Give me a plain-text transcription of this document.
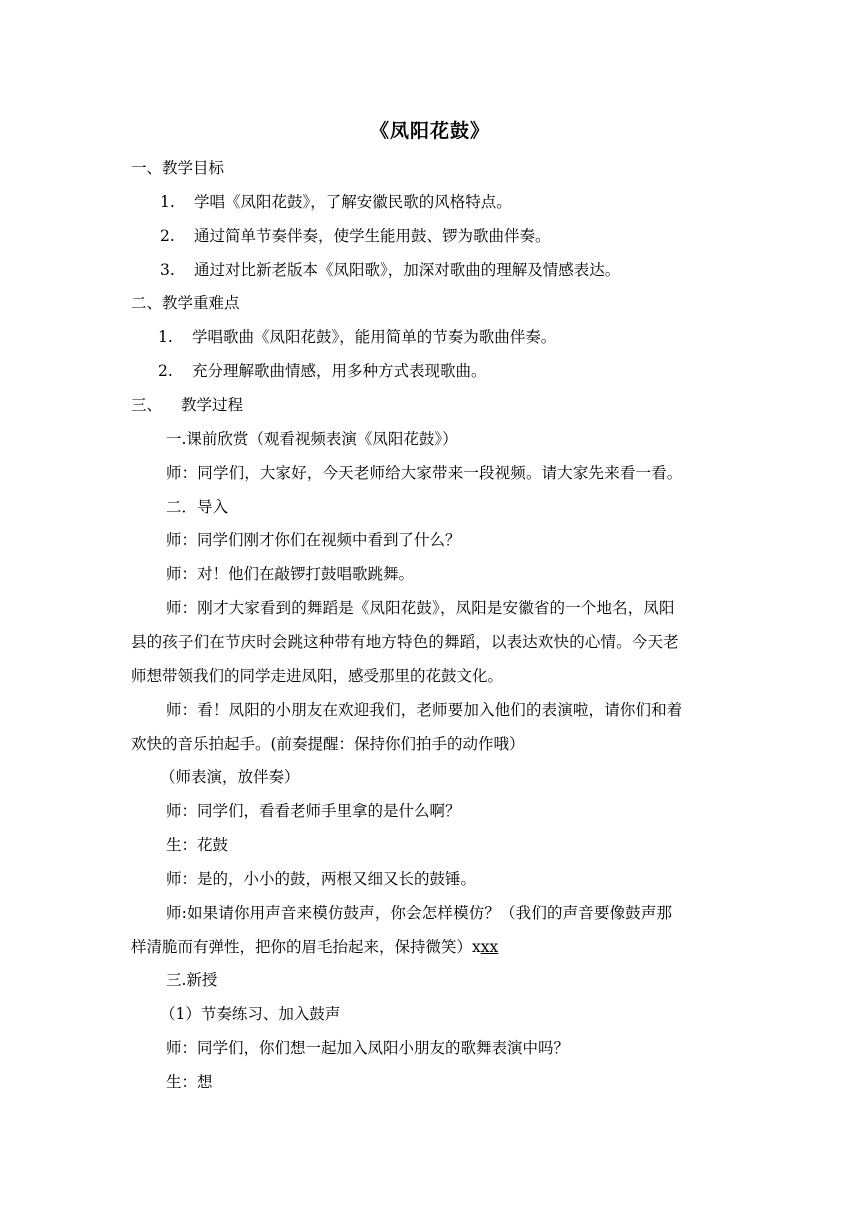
《凤阳花鼓》
一、教学目标
1. 学唱《凤阳花鼓》，了解安徽民歌的风格特点。
2. 通过简单节奏伴奏，使学生能用鼓、锣为歌曲伴奏。
3. 通过对比新老版本《凤阳歌》，加深对歌曲的理解及情感表达。
二、教学重难点
1. 学唱歌曲《凤阳花鼓》，能用简单的节奏为歌曲伴奏。
2. 充分理解歌曲情感，用多种方式表现歌曲。
三、 教学过程
一.课前欣赏（观看视频表演《凤阳花鼓》）
师：同学们，大家好，今天老师给大家带来一段视频。请大家先来看一看。
二．导入
师：同学们刚才你们在视频中看到了什么？
师：对！他们在敲锣打鼓唱歌跳舞。
师：刚才大家看到的舞蹈是《凤阳花鼓》，凤阳是安徽省的一个地名，凤阳
县的孩子们在节庆时会跳这种带有地方特色的舞蹈，以表达欢快的心情。今天老
师想带领我们的同学走进凤阳，感受那里的花鼓文化。
师：看！凤阳的小朋友在欢迎我们，老师要加入他们的表演啦，请你们和着
欢快的音乐拍起手。(前奏提醒：保持你们拍手的动作哦）
（师表演，放伴奏）
师：同学们，看看老师手里拿的是什么啊？
生：花鼓
师：是的，小小的鼓，两根又细又长的鼓锤。
师:如果请你用声音来模仿鼓声，你会怎样模仿？（我们的声音要像鼓声那
样清脆而有弹性，把你的眉毛抬起来，保持微笑）xxx
三.新授
（1）节奏练习、加入鼓声
师：同学们，你们想一起加入凤阳小朋友的歌舞表演中吗？
生：想
